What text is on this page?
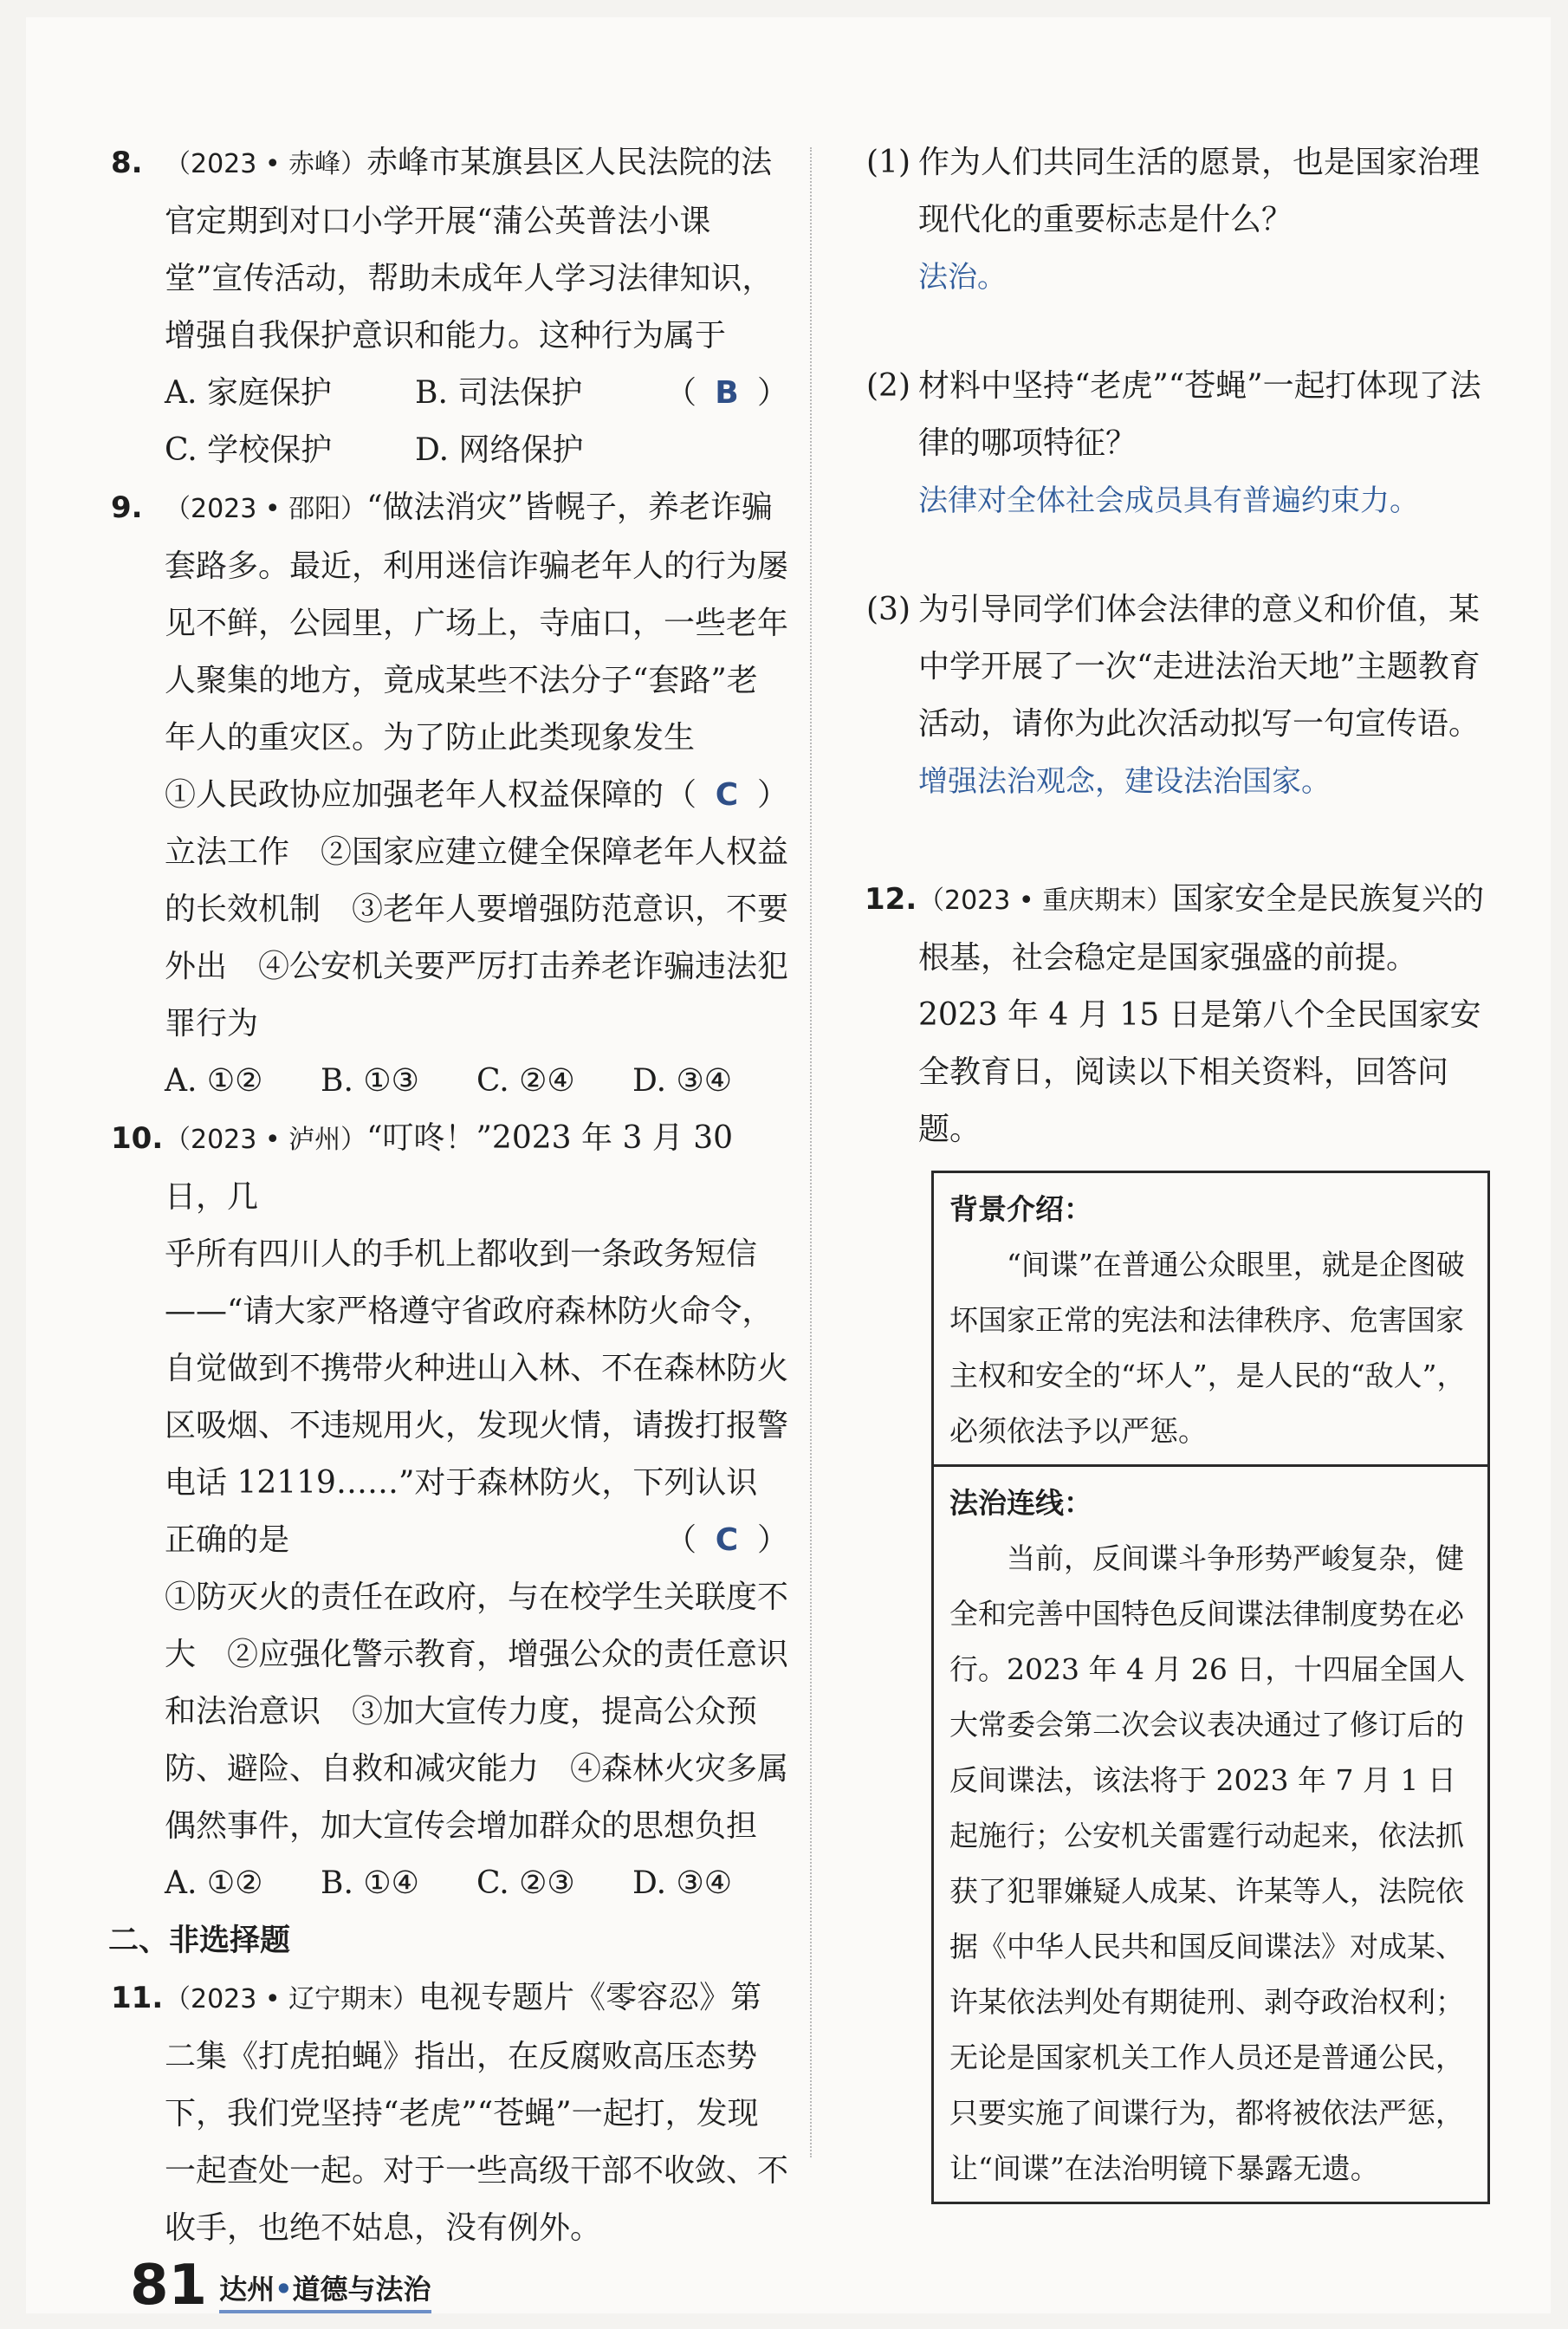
8. （2023 • 赤峰）赤峰市某旗县区人民法院的法
官定期到对口小学开展“蒲公英普法小课堂”宣传活动，帮助未成年人学习法律知识，增强自我保护意识和能力。这种行为属于
（ B ）
A. 家庭保护	B. 司法保护
C. 学校保护	D. 网络保护
9. （2023 • 邵阳）“做法消灾”皆幌子，养老诈骗
套路多。最近，利用迷信诈骗老年人的行为屡见不鲜，公园里，广场上，寺庙口，一些老年人聚集的地方，竟成某些不法分子“套路”老年人的重灾区。为了防止此类现象发生
（ C ）
①人民政协应加强老年人权益保障的立法工作　②国家应建立健全保障老年人权益的长效机制　③老年人要增强防范意识，不要外出　④公安机关要严厉打击养老诈骗违法犯罪行为
A. ①②	B. ①③	C. ②④	D. ③④
10. （2023 • 泸州）“叮咚！”2023 年 3 月 30 日，几
乎所有四川人的手机上都收到一条政务短信——“请大家严格遵守省政府森林防火命令，自觉做到不携带火种进山入林、不在森林防火区吸烟、不违规用火，发现火情，请拨打报警电话 12119……”对于森林防火，下列认识正确的是	（ C ）
①防灭火的责任在政府，与在校学生关联度不大　②应强化警示教育，增强公众的责任意识和法治意识　③加大宣传力度，提高公众预防、避险、自救和减灾能力　④森林火灾多属偶然事件，加大宣传会增加群众的思想负担
A. ①②	B. ①④	C. ②③	D. ③④
二、非选择题
11. （2023 • 辽宁期末）电视专题片《零容忍》第
二集《打虎拍蝇》指出，在反腐败高压态势下，我们党坚持“老虎”“苍蝇”一起打，发现一起查处一起。对于一些高级干部不收敛、不收手，也绝不姑息，没有例外。
(1) 作为人们共同生活的愿景，也是国家治理现代化的重要标志是什么？
法治。
(2) 材料中坚持“老虎”“苍蝇”一起打体现了法律的哪项特征？
法律对全体社会成员具有普遍约束力。
(3) 为引导同学们体会法律的意义和价值，某中学开展了一次“走进法治天地”主题教育活动，请你为此次活动拟写一句宣传语。
增强法治观念，建设法治国家。
12. （2023 • 重庆期末）国家安全是民族复兴的
根基，社会稳定是国家强盛的前提。2023 年 4 月 15 日是第八个全民国家安全教育日，阅读以下相关资料，回答问题。
背景介绍：
“间谍”在普通公众眼里，就是企图破坏国家正常的宪法和法律秩序、危害国家主权和安全的“坏人”，是人民的“敌人”，必须依法予以严惩。
法治连线：
当前，反间谍斗争形势严峻复杂，健全和完善中国特色反间谍法律制度势在必行。2023 年 4 月 26 日，十四届全国人大常委会第二次会议表决通过了修订后的反间谍法，该法将于 2023 年 7 月 1 日起施行；公安机关雷霆行动起来，依法抓获了犯罪嫌疑人成某、许某等人，法院依据《中华人民共和国反间谍法》对成某、许某依法判处有期徒刑、剥夺政治权利；无论是国家机关工作人员还是普通公民，只要实施了间谍行为，都将被依法严惩，让“间谍”在法治明镜下暴露无遗。
81 达州•道德与法治
